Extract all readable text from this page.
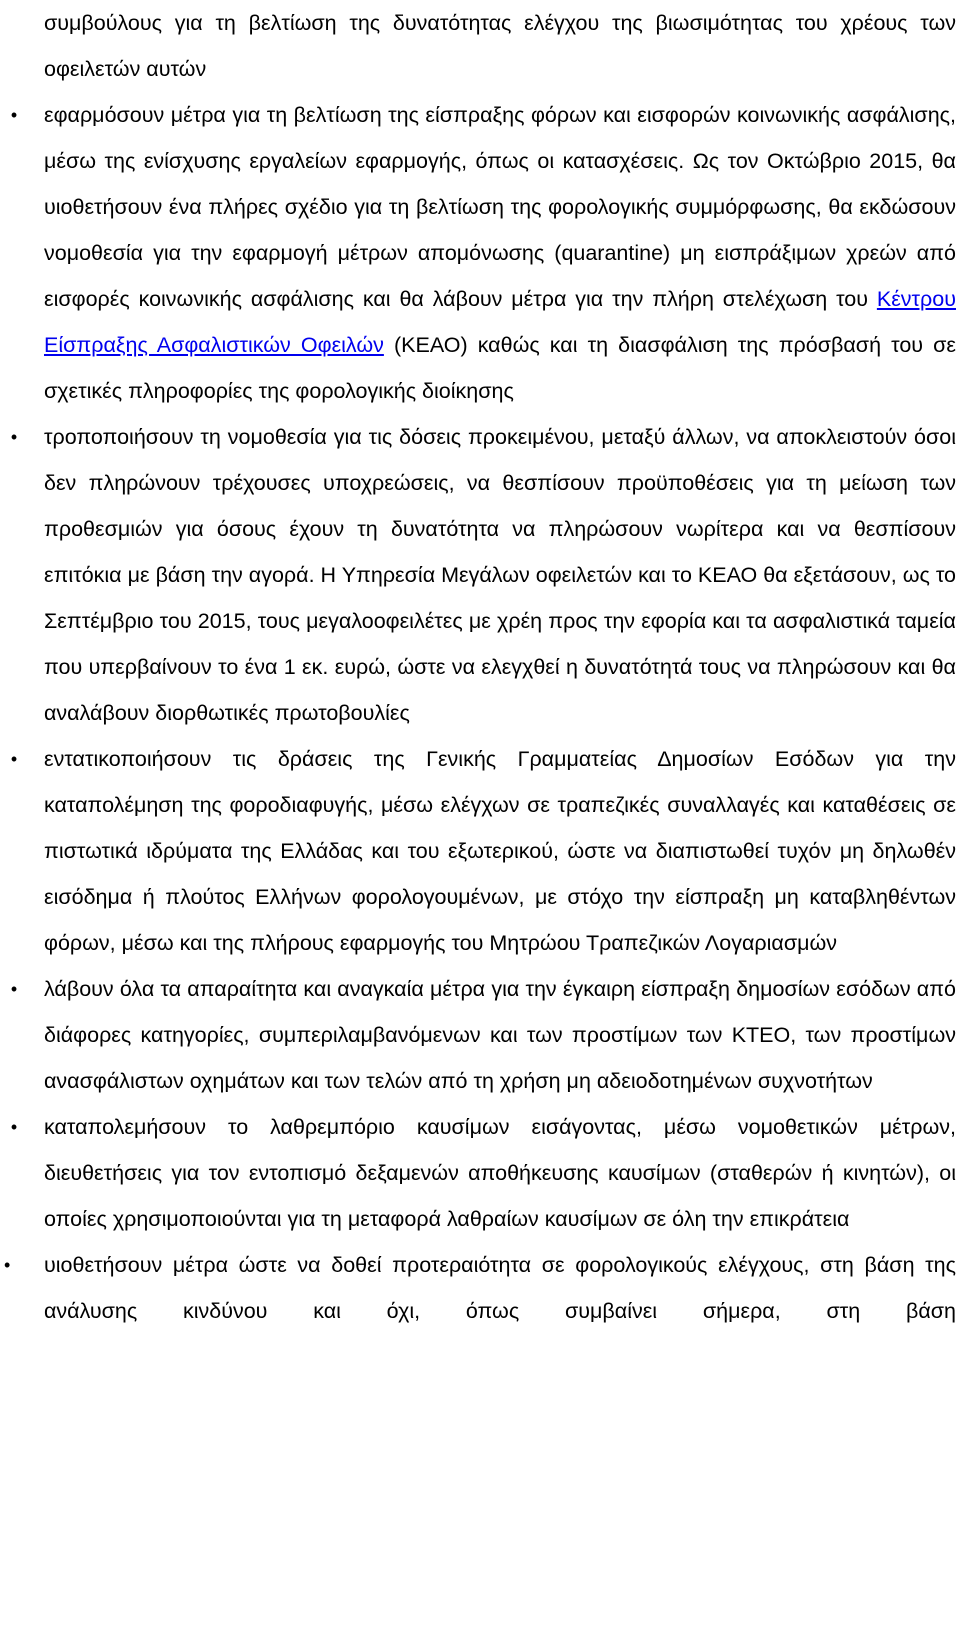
συμβούλους για τη βελτίωση της δυνατότητας ελέγχου της βιωσιμότητας του χρέους των οφειλετών αυτών

•	εφαρμόσουν μέτρα για τη βελτίωση της είσπραξης φόρων και εισφορών κοινωνικής ασφάλισης, μέσω της ενίσχυσης εργαλείων εφαρμογής, όπως οι κατασχέσεις. Ως τον Οκτώβριο 2015, θα υιοθετήσουν ένα πλήρες σχέδιο για τη βελτίωση της φορολογικής συμμόρφωσης, θα εκδώσουν νομοθεσία για την εφαρμογή μέτρων απομόνωσης (quarantine) μη εισπράξιμων χρεών από εισφορές κοινωνικής ασφάλισης και θα λάβουν μέτρα για την πλήρη στελέχωση του Κέντρου Είσπραξης Ασφαλιστικών Οφειλών (ΚΕΑΟ) καθώς και τη διασφάλιση της πρόσβασή του σε σχετικές πληροφορίες της φορολογικής διοίκησης
•	τροποποιήσουν τη νομοθεσία για τις δόσεις προκειμένου, μεταξύ άλλων, να αποκλειστούν όσοι δεν πληρώνουν τρέχουσες υποχρεώσεις, να θεσπίσουν προϋποθέσεις για τη μείωση των προθεσμιών για όσους έχουν τη δυνατότητα να πληρώσουν νωρίτερα και να θεσπίσουν επιτόκια με βάση την αγορά. Η Υπηρεσία Μεγάλων οφειλετών και το ΚΕΑΟ θα εξετάσουν, ως το Σεπτέμβριο του 2015, τους μεγαλοοφειλέτες με χρέη προς την εφορία και τα ασφαλιστικά ταμεία που υπερβαίνουν το ένα 1 εκ. ευρώ, ώστε να ελεγχθεί η δυνατότητά τους να πληρώσουν και θα αναλάβουν διορθωτικές πρωτοβουλίες
•	εντατικοποιήσουν τις δράσεις της Γενικής Γραμματείας Δημοσίων Εσόδων για την καταπολέμηση της φοροδιαφυγής, μέσω ελέγχων σε τραπεζικές συναλλαγές και καταθέσεις σε πιστωτικά ιδρύματα της Ελλάδας και του εξωτερικού, ώστε να διαπιστωθεί τυχόν μη δηλωθέν εισόδημα ή πλούτος Ελλήνων φορολογουμένων, με στόχο την είσπραξη μη καταβληθέντων φόρων, μέσω και της πλήρους εφαρμογής του Μητρώου Τραπεζικών Λογαριασμών
•	λάβουν όλα τα απαραίτητα και αναγκαία μέτρα για την έγκαιρη είσπραξη δημοσίων εσόδων από διάφορες κατηγορίες, συμπεριλαμβανόμενων και των προστίμων των ΚΤΕΟ, των προστίμων ανασφάλιστων οχημάτων και των τελών από τη χρήση μη αδειοδοτημένων συχνοτήτων
•	καταπολεμήσουν το λαθρεμπόριο καυσίμων εισάγοντας, μέσω νομοθετικών μέτρων, διευθετήσεις για τον εντοπισμό δεξαμενών αποθήκευσης καυσίμων (σταθερών ή κινητών), οι οποίες χρησιμοποιούνται για τη μεταφορά λαθραίων καυσίμων σε όλη την επικράτεια
•	υιοθετήσουν μέτρα ώστε να δοθεί προτεραιότητα σε φορολογικούς ελέγχους, στη βάση της ανάλυσης κινδύνου και όχι, όπως συμβαίνει σήμερα, στη βάση
